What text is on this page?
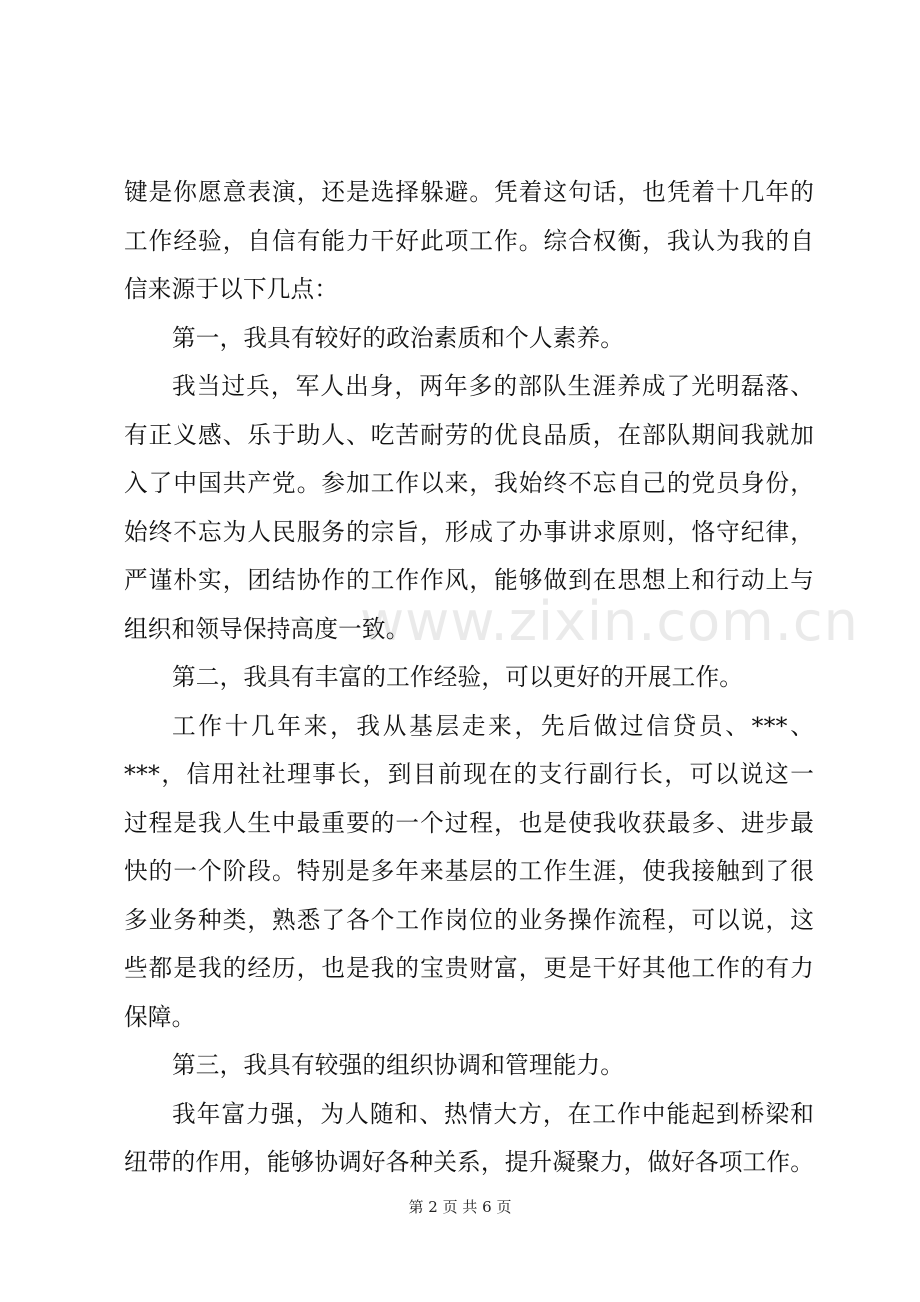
www.zixin.com.cn
键是你愿意表演，还是选择躲避。凭着这句话，也凭着十几年的
工作经验，自信有能力干好此项工作。综合权衡，我认为我的自
信来源于以下几点：
第一，我具有较好的政治素质和个人素养。
我当过兵，军人出身，两年多的部队生涯养成了光明磊落、
有正义感、乐于助人、吃苦耐劳的优良品质，在部队期间我就加
入了中国共产党。参加工作以来，我始终不忘自己的党员身份，
始终不忘为人民服务的宗旨，形成了办事讲求原则，恪守纪律，
严谨朴实，团结协作的工作作风，能够做到在思想上和行动上与
组织和领导保持高度一致。
第二，我具有丰富的工作经验，可以更好的开展工作。
工作十几年来，我从基层走来，先后做过信贷员、***、
***，信用社社理事长，到目前现在的支行副行长，可以说这一
过程是我人生中最重要的一个过程，也是使我收获最多、进步最
快的一个阶段。特别是多年来基层的工作生涯，使我接触到了很
多业务种类，熟悉了各个工作岗位的业务操作流程，可以说，这
些都是我的经历，也是我的宝贵财富，更是干好其他工作的有力
保障。
第三，我具有较强的组织协调和管理能力。
我年富力强，为人随和、热情大方，在工作中能起到桥梁和
纽带的作用，能够协调好各种关系，提升凝聚力，做好各项工作。
第 2 页 共 6 页
